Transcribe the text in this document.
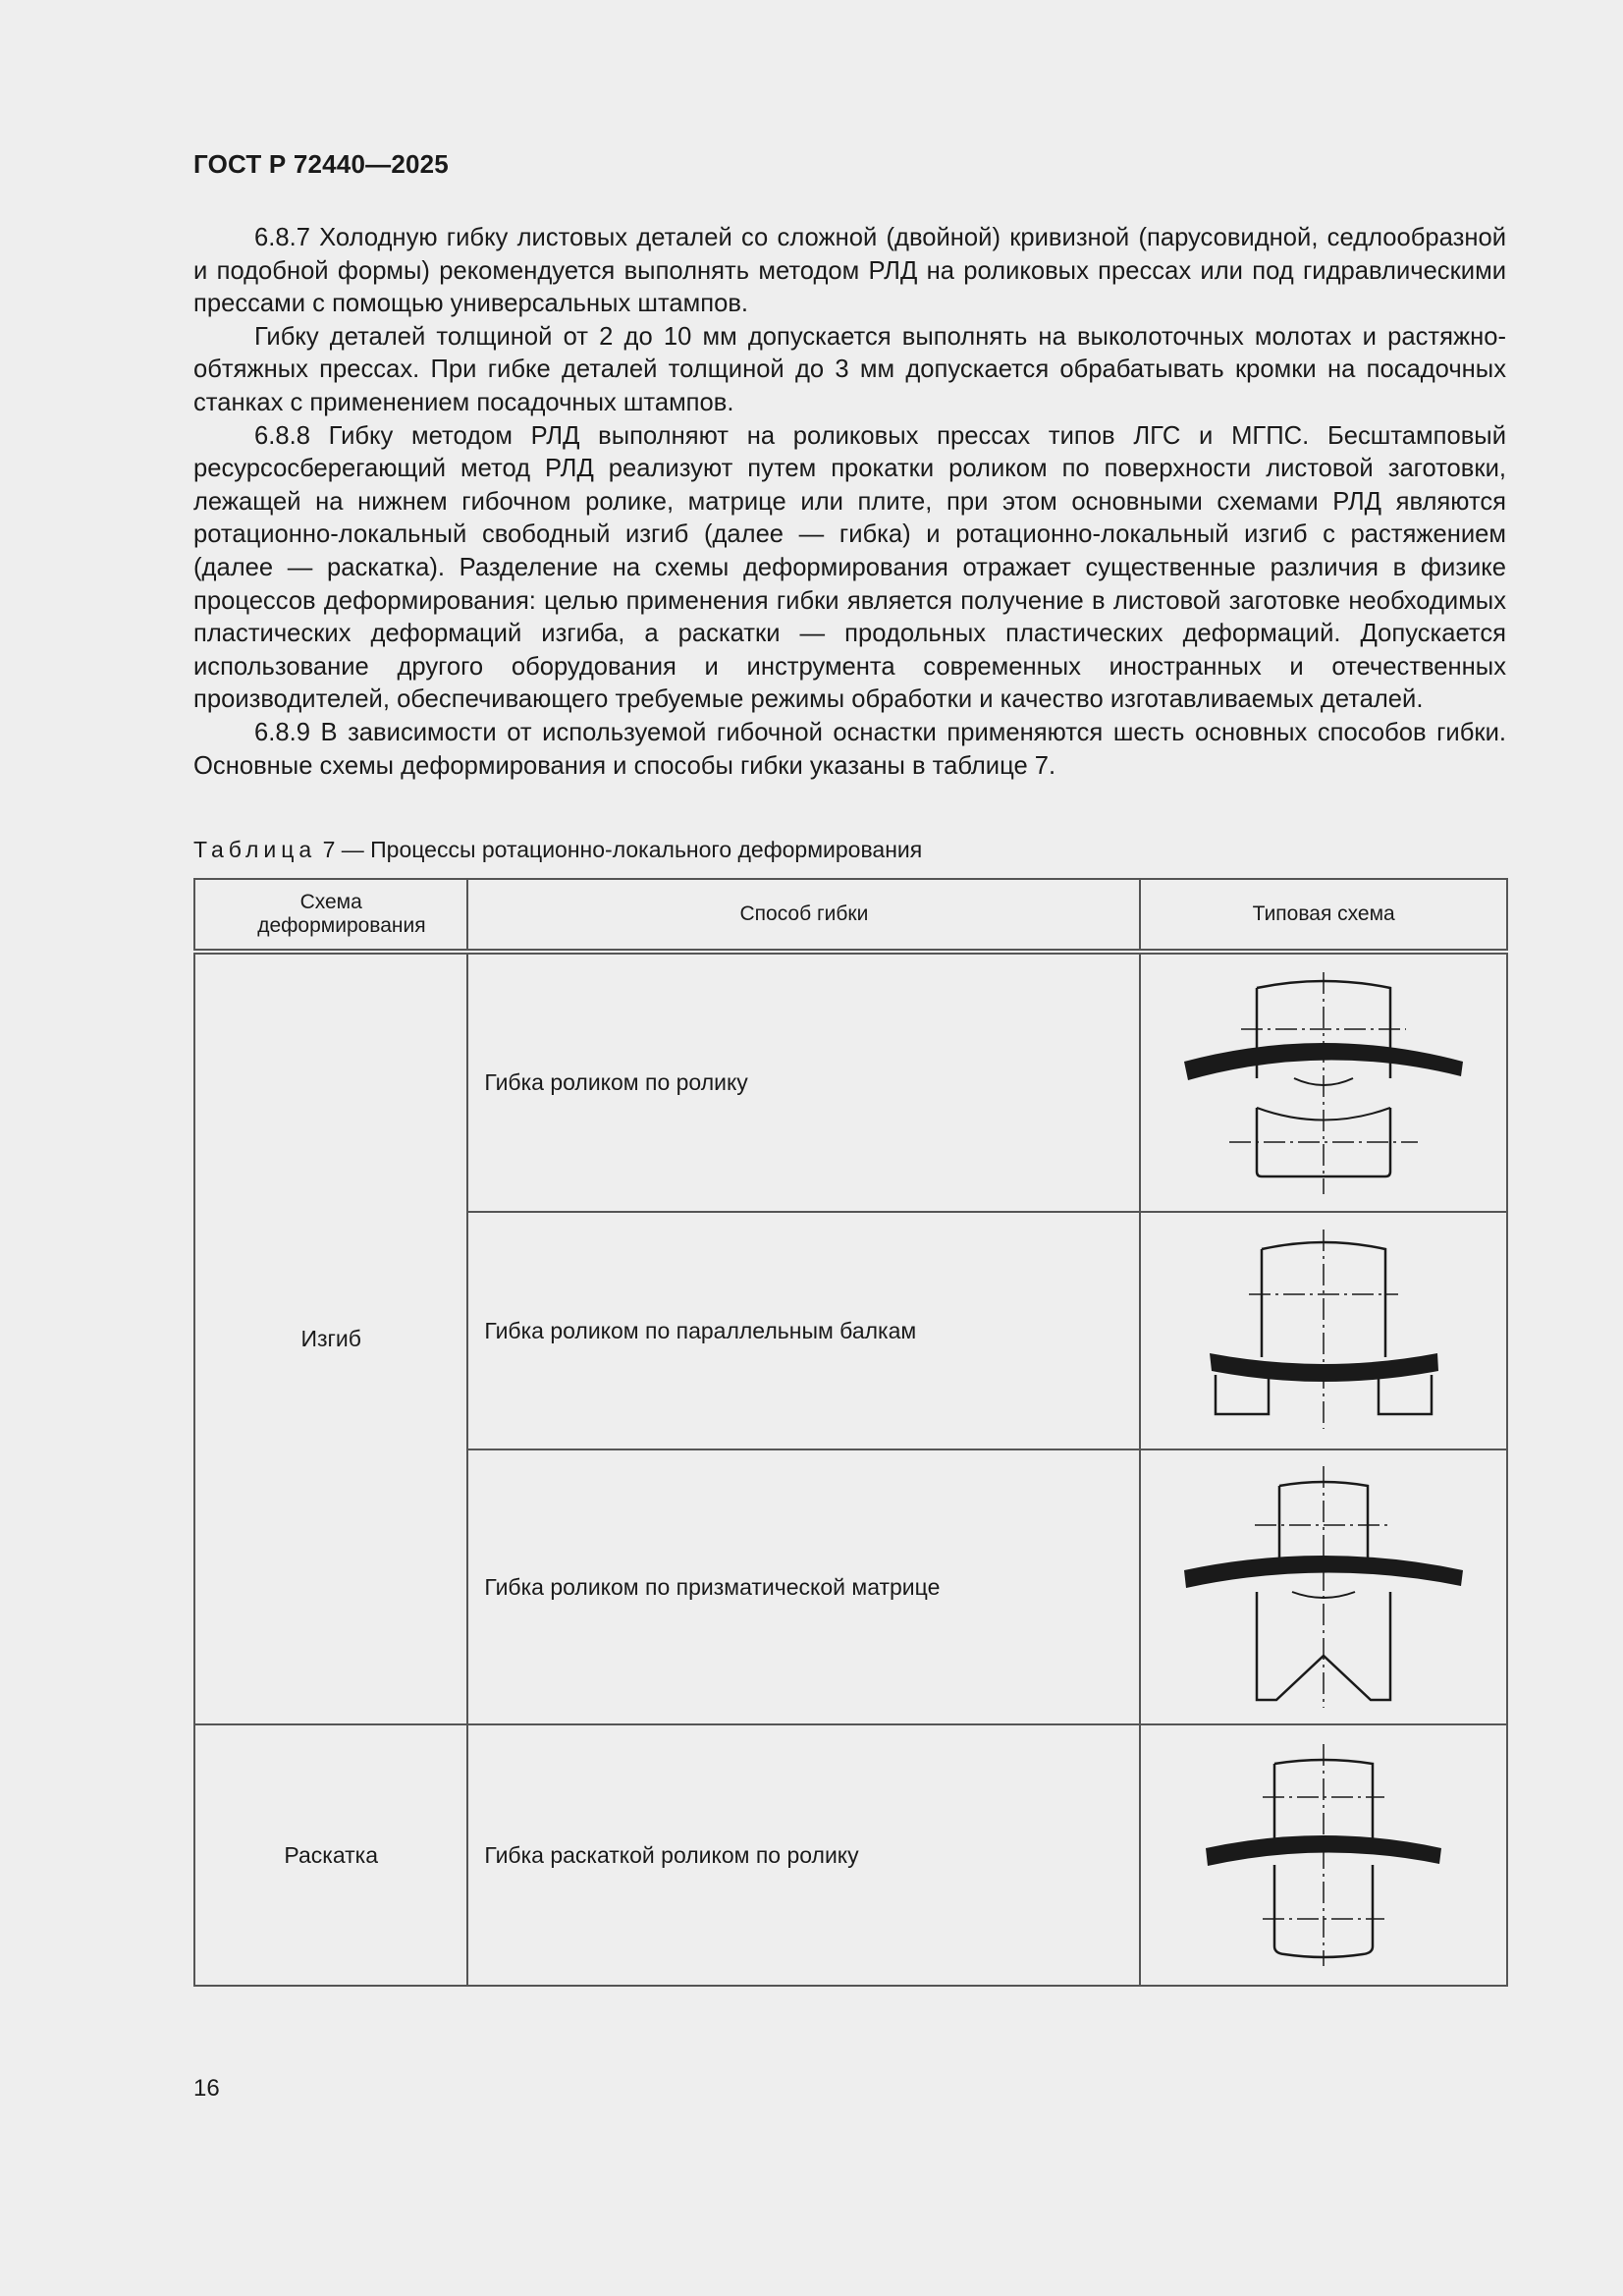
ГОСТ Р 72440—2025

6.8.7 Холодную гибку листовых деталей со сложной (двойной) кривизной (парусовидной, седлообразной и подобной формы) рекомендуется выполнять методом РЛД на роликовых прессах или под гидравлическими прессами с помощью универсальных штампов.

Гибку деталей толщиной от 2 до 10 мм допускается выполнять на выколоточных молотах и растяжно-обтяжных прессах. При гибке деталей толщиной до 3 мм допускается обрабатывать кромки на посадочных станках с применением посадочных штампов.

6.8.8 Гибку методом РЛД выполняют на роликовых прессах типов ЛГС и МГПС. Бесштамповый ресурсосберегающий метод РЛД реализуют путем прокатки роликом по поверхности листовой заготовки, лежащей на нижнем гибочном ролике, матрице или плите, при этом основными схемами РЛД являются ротационно-локальный свободный изгиб (далее — гибка) и ротационно-локальный изгиб с растяжением (далее — раскатка). Разделение на схемы деформирования отражает существенные различия в физике процессов деформирования: целью применения гибки является получение в листовой заготовке необходимых пластических деформаций изгиба, а раскатки — продольных пластических деформаций. Допускается использование другого оборудования и инструмента современных иностранных и отечественных производителей, обеспечивающего требуемые режимы обработки и качество изготавливаемых деталей.

6.8.9 В зависимости от используемой гибочной оснастки применяются шесть основных способов гибки. Основные схемы деформирования и способы гибки указаны в таблице 7.

Таблица 7 — Процессы ротационно-локального деформирования
Схема деформирования	Способ гибки	Типовая схема
Изгиб	Гибка роликом по ролику	

	Гибка роликом по параллельным балкам	

	Гибка роликом по призматической матрице	

Раскатка	Гибка раскаткой роликом по ролику	
16
